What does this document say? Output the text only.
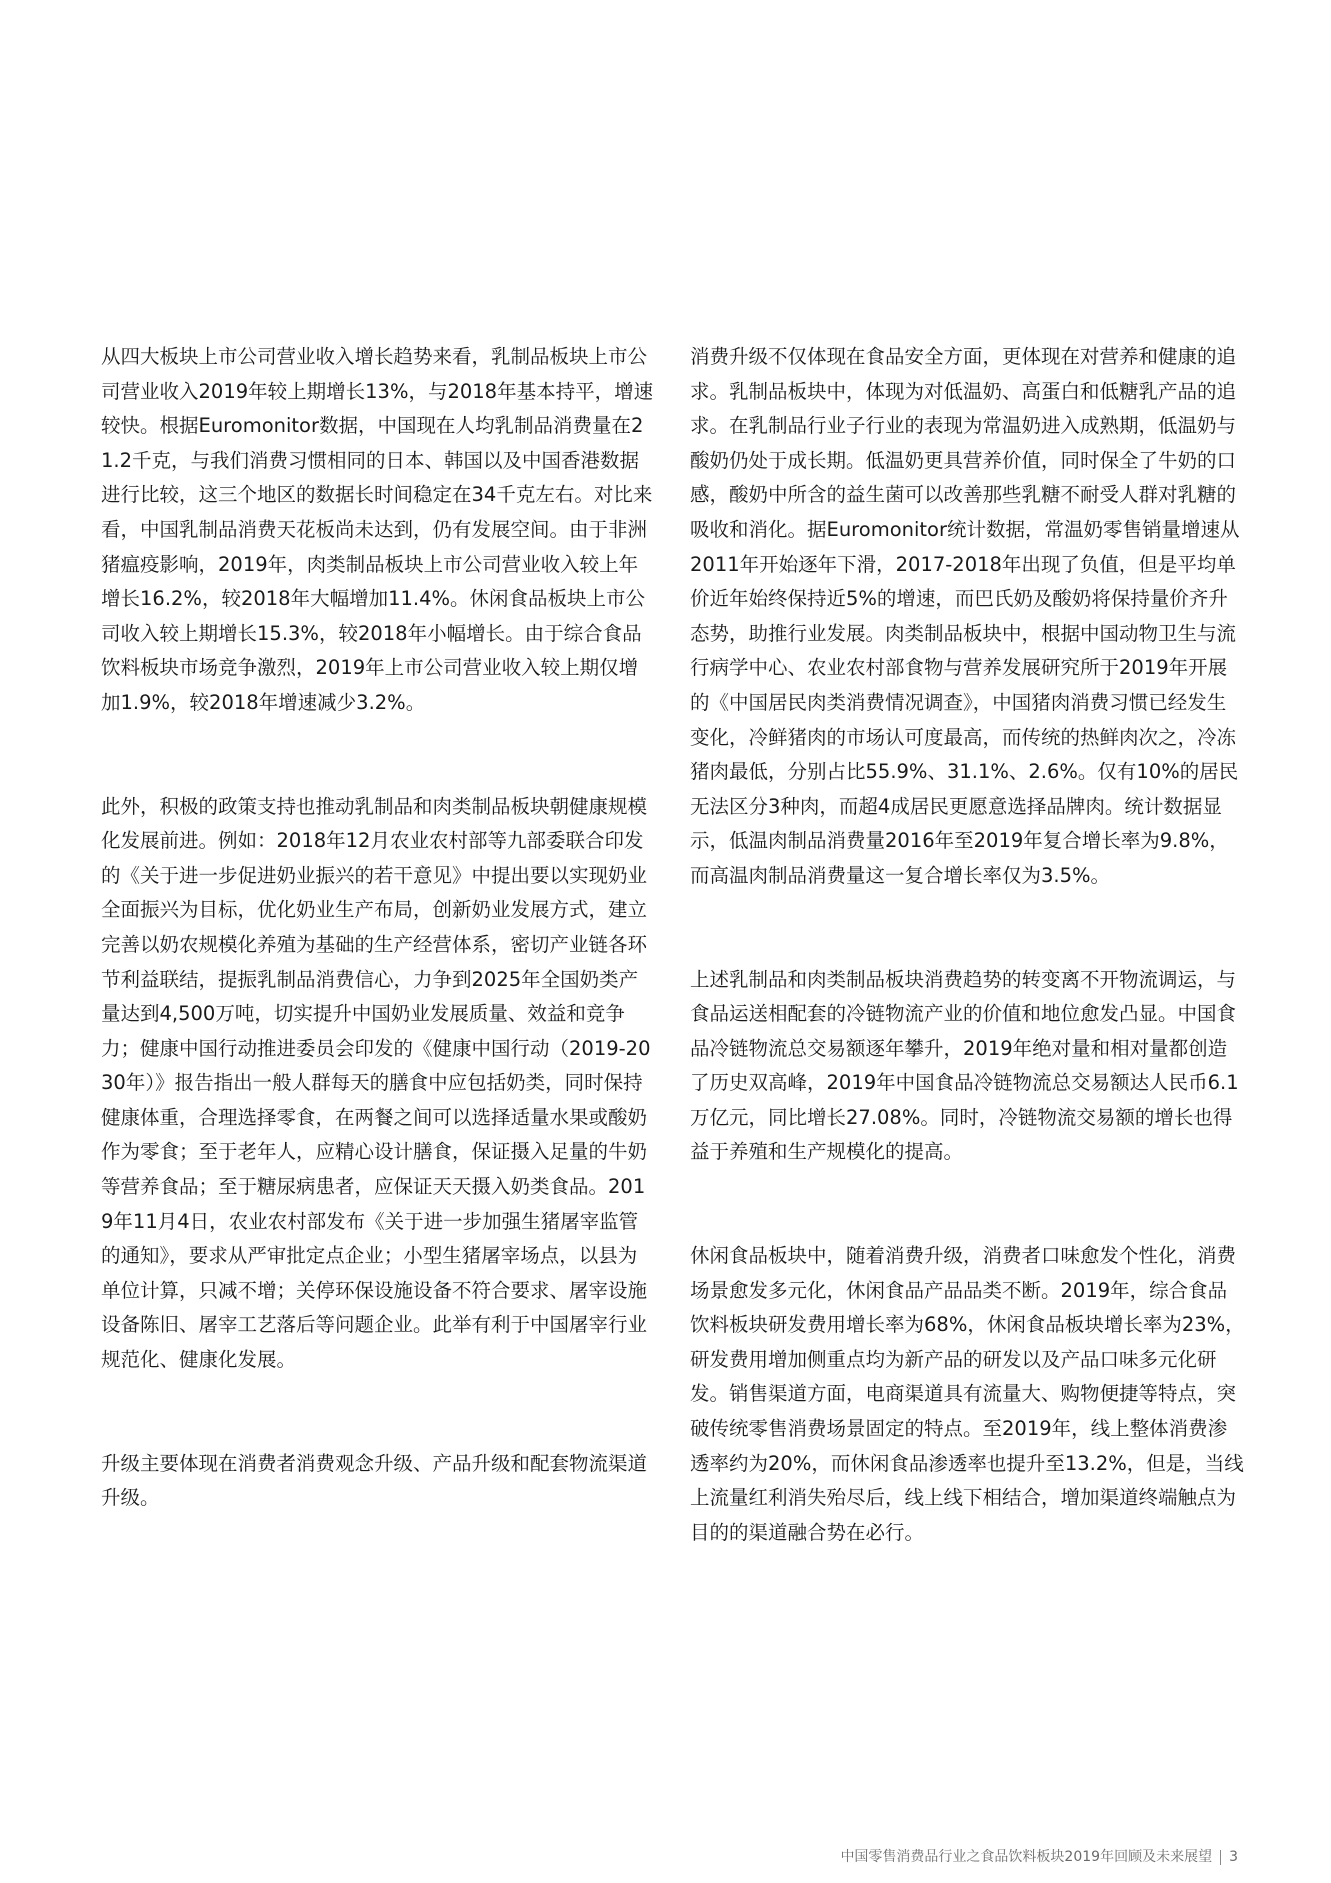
从四大板块上市公司营业收入增长趋势来看，乳制品板块上市公司营业收入2019年较上期增长13%，与2018年基本持平，增速较快。根据Euromonitor数据，中国现在人均乳制品消费量在21.2千克，与我们消费习惯相同的日本、韩国以及中国香港数据进行比较，这三个地区的数据长时间稳定在34千克左右。对比来看，中国乳制品消费天花板尚未达到，仍有发展空间。由于非洲猪瘟疫影响，2019年，肉类制品板块上市公司营业收入较上年增长16.2%，较2018年大幅增加11.4%。休闲食品板块上市公司收入较上期增长15.3%，较2018年小幅增长。由于综合食品饮料板块市场竞争激烈，2019年上市公司营业收入较上期仅增加1.9%，较2018年增速减少3.2%。

此外，积极的政策支持也推动乳制品和肉类制品板块朝健康规模化发展前进。例如：2018年12月农业农村部等九部委联合印发的《关于进一步促进奶业振兴的若干意见》中提出要以实现奶业全面振兴为目标，优化奶业生产布局，创新奶业发展方式，建立完善以奶农规模化养殖为基础的生产经营体系，密切产业链各环节利益联结，提振乳制品消费信心，力争到2025年全国奶类产量达到4,500万吨，切实提升中国奶业发展质量、效益和竞争力；健康中国行动推进委员会印发的《健康中国行动（2019-2030年）》报告指出一般人群每天的膳食中应包括奶类，同时保持健康体重，合理选择零食，在两餐之间可以选择适量水果或酸奶作为零食；至于老年人，应精心设计膳食，保证摄入足量的牛奶等营养食品；至于糖尿病患者，应保证天天摄入奶类食品。2019年11月4日，农业农村部发布《关于进一步加强生猪屠宰监管的通知》，要求从严审批定点企业；小型生猪屠宰场点，以县为单位计算，只减不增；关停环保设施设备不符合要求、屠宰设施设备陈旧、屠宰工艺落后等问题企业。此举有利于中国屠宰行业规范化、健康化发展。

升级主要体现在消费者消费观念升级、产品升级和配套物流渠道升级。

消费升级不仅体现在食品安全方面，更体现在对营养和健康的追求。乳制品板块中，体现为对低温奶、高蛋白和低糖乳产品的追求。在乳制品行业子行业的表现为常温奶进入成熟期，低温奶与酸奶仍处于成长期。低温奶更具营养价值，同时保全了牛奶的口感，酸奶中所含的益生菌可以改善那些乳糖不耐受人群对乳糖的吸收和消化。据Euromonitor统计数据，常温奶零售销量增速从2011年开始逐年下滑，2017-2018年出现了负值，但是平均单价近年始终保持近5%的增速，而巴氏奶及酸奶将保持量价齐升态势，助推行业发展。肉类制品板块中，根据中国动物卫生与流行病学中心、农业农村部食物与营养发展研究所于2019年开展的《中国居民肉类消费情况调查》，中国猪肉消费习惯已经发生变化，冷鲜猪肉的市场认可度最高，而传统的热鲜肉次之，冷冻猪肉最低，分别占比55.9%、31.1%、2.6%。仅有10%的居民无法区分3种肉，而超4成居民更愿意选择品牌肉。统计数据显示，低温肉制品消费量2016年至2019年复合增长率为9.8%，而高温肉制品消费量这一复合增长率仅为3.5%。

上述乳制品和肉类制品板块消费趋势的转变离不开物流调运，与食品运送相配套的冷链物流产业的价值和地位愈发凸显。中国食品冷链物流总交易额逐年攀升，2019年绝对量和相对量都创造了历史双高峰，2019年中国食品冷链物流总交易额达人民币6.1万亿元，同比增长27.08%。同时，冷链物流交易额的增长也得益于养殖和生产规模化的提高。

休闲食品板块中，随着消费升级，消费者口味愈发个性化，消费场景愈发多元化，休闲食品产品品类不断。2019年，综合食品饮料板块研发费用增长率为68%，休闲食品板块增长率为23%，研发费用增加侧重点均为新产品的研发以及产品口味多元化研发。销售渠道方面，电商渠道具有流量大、购物便捷等特点，突破传统零售消费场景固定的特点。至2019年，线上整体消费渗透率约为20%，而休闲食品渗透率也提升至13.2%，但是，当线上流量红利消失殆尽后，线上线下相结合，增加渠道终端触点为目的的渠道融合势在必行。

中国零售消费品行业之食品饮料板块2019年回顾及未来展望 3
